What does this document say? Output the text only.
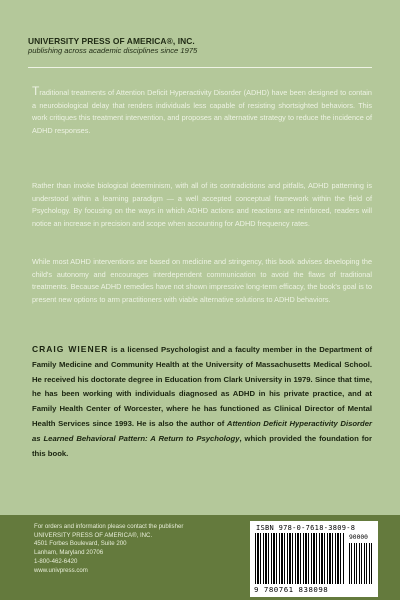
UNIVERSITY PRESS OF AMERICA®, INC.
publishing across academic disciplines since 1975
Traditional treatments of Attention Deficit Hyperactivity Disorder (ADHD) have been designed to contain a neurobiological delay that renders individuals less capable of resisting shortsighted behaviors. This work critiques this treatment intervention, and proposes an alternative strategy to reduce the incidence of ADHD responses.
Rather than invoke biological determinism, with all of its contradictions and pitfalls, ADHD patterning is understood within a learning paradigm — a well accepted conceptual framework within the field of Psychology. By focusing on the ways in which ADHD actions and reactions are reinforced, readers will notice an increase in precision and scope when accounting for ADHD frequency rates.
While most ADHD interventions are based on medicine and stringency, this book advises developing the child's autonomy and encourages interdependent communication to avoid the flaws of traditional treatments. Because ADHD remedies have not shown impressive long-term efficacy, the book's goal is to present new options to arm practitioners with viable alternative solutions to ADHD behaviors.
CRAIG WIENER is a licensed Psychologist and a faculty member in the Department of Family Medicine and Community Health at the University of Massachusetts Medical School. He received his doctorate degree in Education from Clark University in 1979. Since that time, he has been working with individuals diagnosed as ADHD in his private practice, and at Family Health Center of Worcester, where he has functioned as Clinical Director of Mental Health Services since 1993. He is also the author of Attention Deficit Hyperactivity Disorder as Learned Behavioral Pattern: A Return to Psychology, which provided the foundation for this book.
For orders and information please contact the publisher
UNIVERSITY PRESS OF AMERICA®, INC.
4501 Forbes Boulevard, Suite 200
Lanham, Maryland 20706
1-800-462-6420
www.univpress.com
ISBN 978-0-7618-3809-8
90000
9 780761 838098
